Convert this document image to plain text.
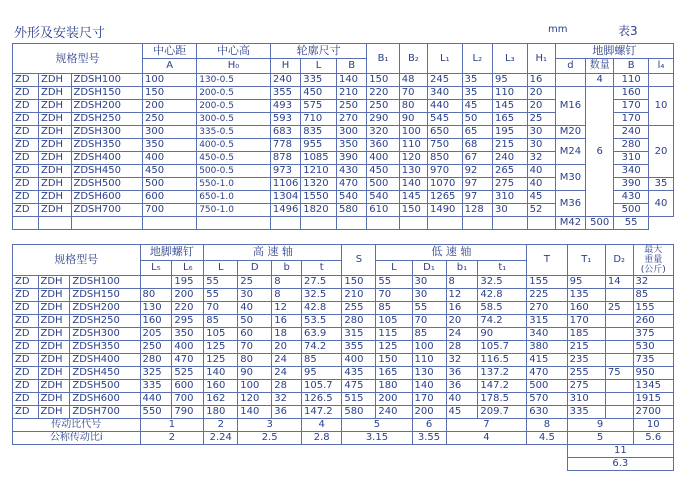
外形及安装尺寸	mm	表3
规格型号			中心距	中心高	轮廓尺寸			B₁	B₂	L₁	L₂	L₃	H₁	地脚螺钉			
			A	H₀	H	L	B							d	数量	B	l₄
ZD	ZDH	ZDSH100	100	130-0.5	240	335	140	150	48	245	35	95	16		4	110	
ZD	ZDH	ZDSH150	150	200-0.5	355	450	210	220	70	340	35	110	20	M16	6	160	10
ZD	ZDH	ZDSH200	200	200-0.5	493	575	250	250	80	440	45	145	20			170	
ZD	ZDH	ZDSH250	250	300-0.5	593	710	270	290	90	545	50	165	25			170	
ZD	ZDH	ZDSH300	300	335-0.5	683	835	300	320	100	650	65	195	30	M20		240	20
ZD	ZDH	ZDSH350	350	400-0.5	778	955	350	360	110	750	68	215	30	M24		280	
ZD	ZDH	ZDSH400	400	450-0.5	878	1085	390	400	120	850	67	240	32			310	
ZD	ZDH	ZDSH450	450	500-0.5	973	1210	430	450	130	970	92	265	40	M30		340	
ZD	ZDH	ZDSH500	500	550-1.0	1106	1320	470	500	140	1070	97	275	40			390	35
ZD	ZDH	ZDSH600	600	650-1.0	1304	1550	540	540	145	1265	97	310	45	M36		430	40
ZD	ZDH	ZDSH700	700	750-1.0	1496	1820	580	610	150	1490	128	30	52			500	
														M42	500	55	
规格型号			地脚螺钉		高 速 轴				S	低 速 轴				T	T₁	D₂	最大
重量
(公斤)

			L₅	L₆	L	D	b	t		L	D₁	b₁	t₁				
ZD	ZDH	ZDSH100		195	55	25	8	27.5	150	55	30	8	32.5	155	95	14	32
ZD	ZDH	ZDSH150	80	200	55	30	8	32.5	210	70	30	12	42.8	225	135		85
ZD	ZDH	ZDSH200	130	220	70	40	12	42.8	255	85	55	16	58.5	270	160	25	155
ZD	ZDH	ZDSH250	160	295	85	50	16	53.5	280	105	70	20	74.2	315	170		260
ZD	ZDH	ZDSH300	205	350	105	60	18	63.9	315	115	85	24	90	340	185		375
ZD	ZDH	ZDSH350	250	400	125	70	20	74.2	355	125	100	28	105.7	380	215		530
ZD	ZDH	ZDSH400	280	470	125	80	24	85	400	150	110	32	116.5	415	235		735
ZD	ZDH	ZDSH450	325	525	140	90	24	95	435	165	130	36	137.2	470	255	75	950
ZD	ZDH	ZDSH500	335	600	160	100	28	105.7	475	180	140	36	147.2	500	275		1345
ZD	ZDH	ZDSH600	440	700	162	120	32	126.5	515	200	170	40	178.5	570	310		1915
ZD	ZDH	ZDSH700	550	790	180	140	36	147.2	580	240	200	45	209.7	630	335		2700
传动比代号			1		2	3		4	5		6	7		8	9		10
公称传动比i			2		2.24	2.5		2.8	3.15		3.55	4		4.5	5		5.6
															11		
															6.3		
